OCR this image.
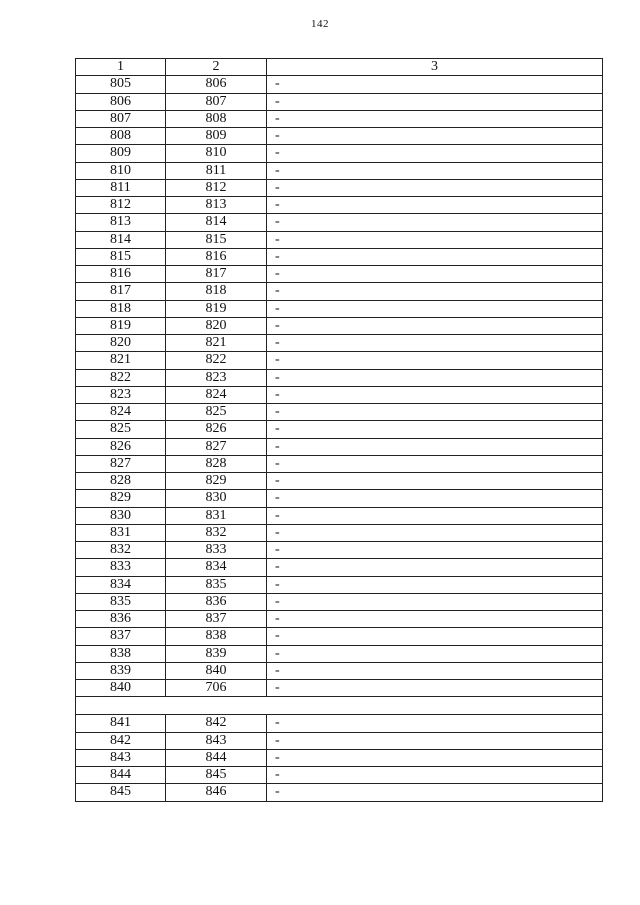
142
1	2	3
805	806	-
806	807	-
807	808	-
808	809	-
809	810	-
810	811	-
811	812	-
812	813	-
813	814	-
814	815	-
815	816	-
816	817	-
817	818	-
818	819	-
819	820	-
820	821	-
821	822	-
822	823	-
823	824	-
824	825	-
825	826	-
826	827	-
827	828	-
828	829	-
829	830	-
830	831	-
831	832	-
832	833	-
833	834	-
834	835	-
835	836	-
836	837	-
837	838	-
838	839	-
839	840	-
840	706	-

841	842	-
842	843	-
843	844	-
844	845	-
845	846	-
